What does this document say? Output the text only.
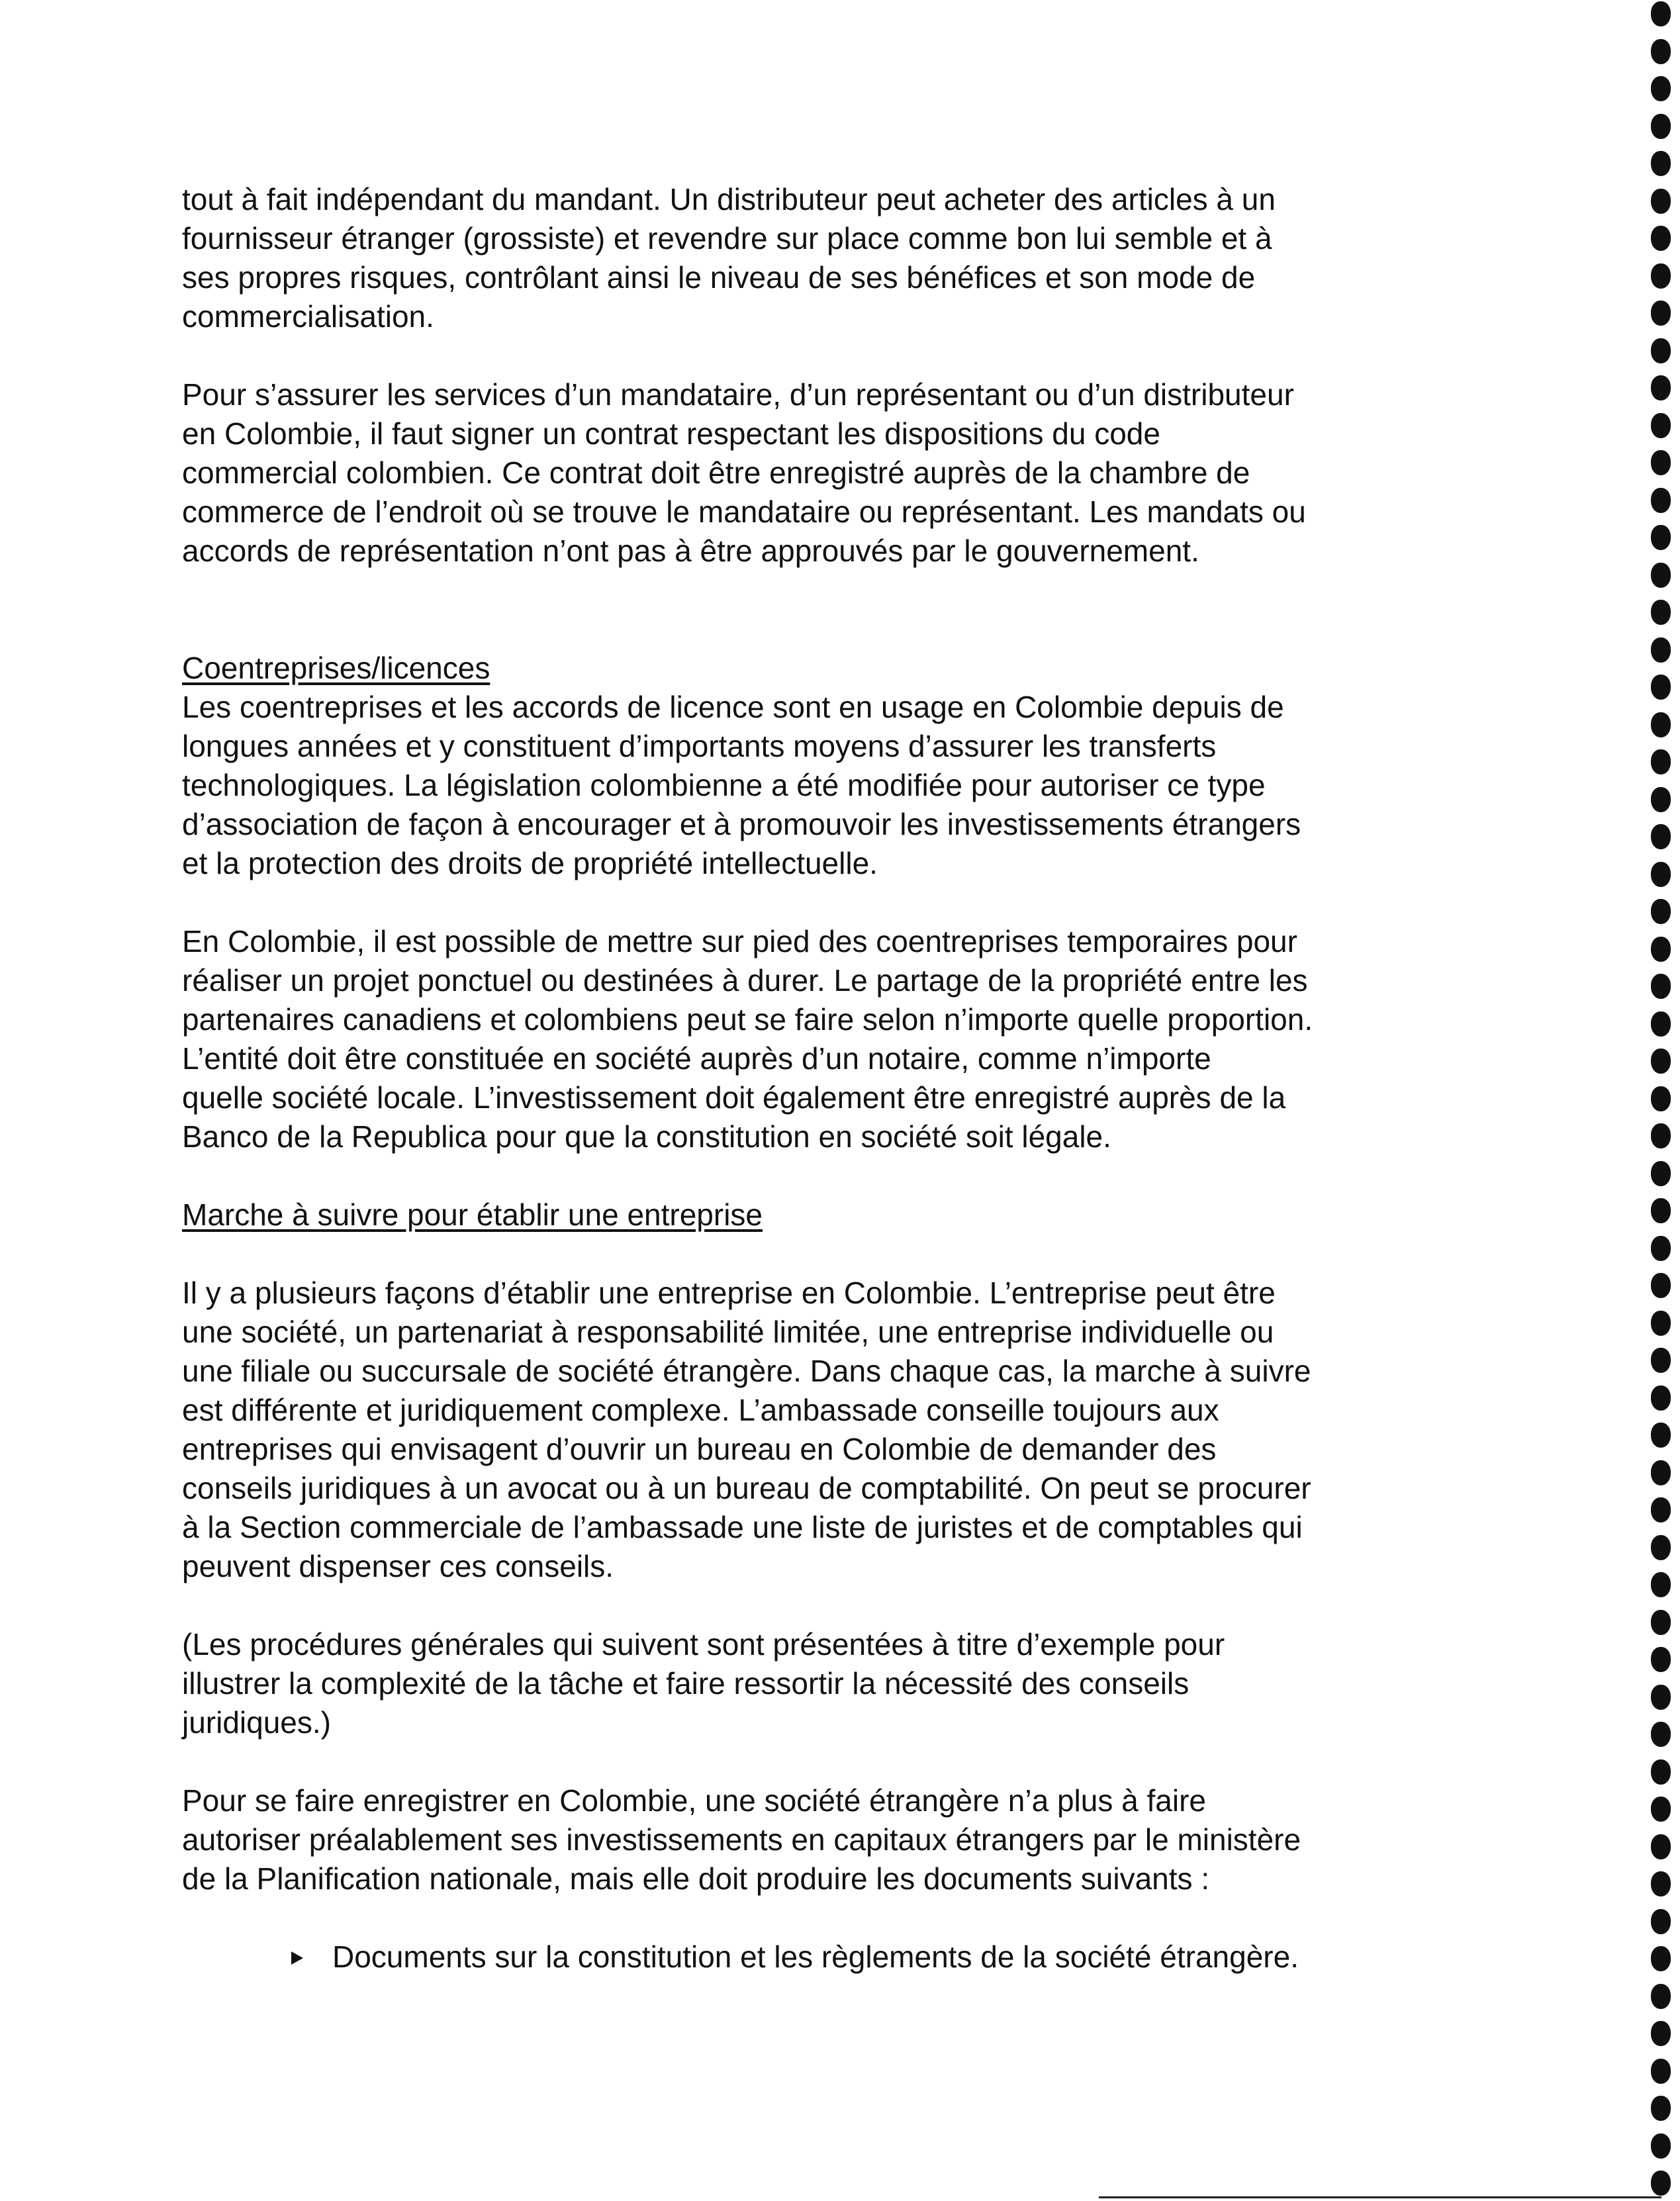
tout à fait indépendant du mandant. Un distributeur peut acheter des articles à un
fournisseur étranger (grossiste) et revendre sur place comme bon lui semble et à
ses propres risques, contrôlant ainsi le niveau de ses bénéfices et son mode de
commercialisation.

Pour s’assurer les services d’un mandataire, d’un représentant ou d’un distributeur
en Colombie, il faut signer un contrat respectant les dispositions du code
commercial colombien. Ce contrat doit être enregistré auprès de la chambre de
commerce de l’endroit où se trouve le mandataire ou représentant. Les mandats ou
accords de représentation n’ont pas à être approuvés par le gouvernement.

Coentreprises/licences

Les coentreprises et les accords de licence sont en usage en Colombie depuis de
longues années et y constituent d’importants moyens d’assurer les transferts
technologiques. La législation colombienne a été modifiée pour autoriser ce type
d’association de façon à encourager et à promouvoir les investissements étrangers
et la protection des droits de propriété intellectuelle.

En Colombie, il est possible de mettre sur pied des coentreprises temporaires pour
réaliser un projet ponctuel ou destinées à durer. Le partage de la propriété entre les
partenaires canadiens et colombiens peut se faire selon n’importe quelle proportion.
L’entité doit être constituée en société auprès d’un notaire, comme n’importe
quelle société locale. L’investissement doit également être enregistré auprès de la
Banco de la Republica pour que la constitution en société soit légale.

Marche à suivre pour établir une entreprise

Il y a plusieurs façons d’établir une entreprise en Colombie. L’entreprise peut être
une société, un partenariat à responsabilité limitée, une entreprise individuelle ou
une filiale ou succursale de société étrangère. Dans chaque cas, la marche à suivre
est différente et juridiquement complexe. L’ambassade conseille toujours aux
entreprises qui envisagent d’ouvrir un bureau en Colombie de demander des
conseils juridiques à un avocat ou à un bureau de comptabilité. On peut se procurer
à la Section commerciale de l’ambassade une liste de juristes et de comptables qui
peuvent dispenser ces conseils.

(Les procédures générales qui suivent sont présentées à titre d’exemple pour
illustrer la complexité de la tâche et faire ressortir la nécessité des conseils
juridiques.)

Pour se faire enregistrer en Colombie, une société étrangère n’a plus à faire
autoriser préalablement ses investissements en capitaux étrangers par le ministère
de la Planification nationale, mais elle doit produire les documents suivants :

Documents sur la constitution et les règlements de la société étrangère.
